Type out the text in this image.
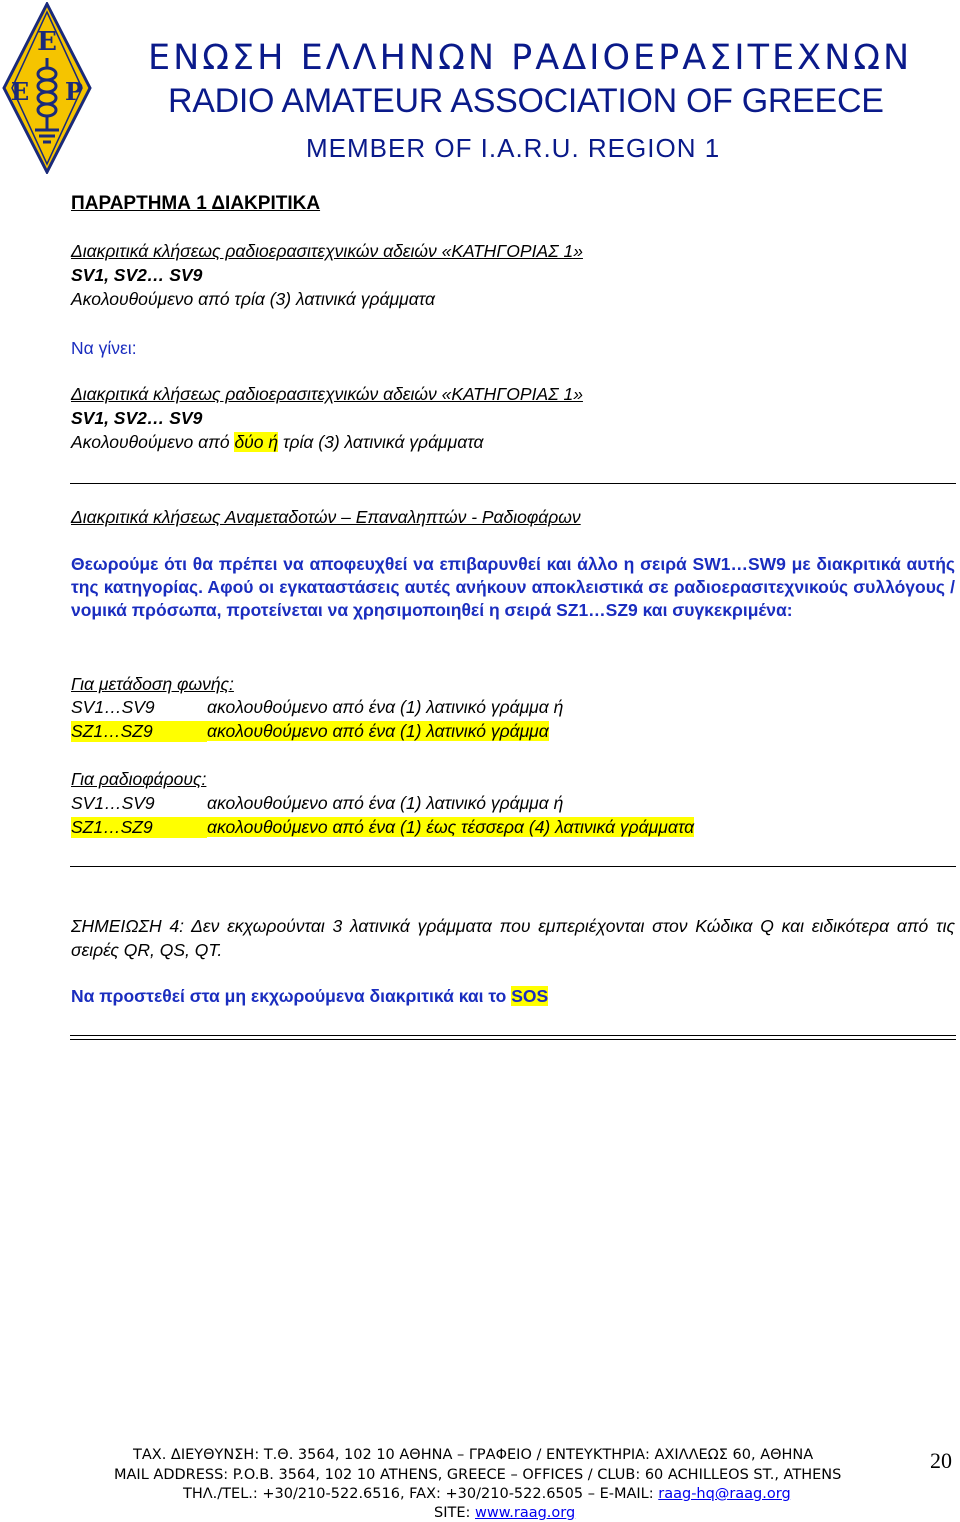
Ε
Ε Ρ
ΕΝΩΣΗ ΕΛΛΗΝΩΝ ΡΑΔΙΟΕΡΑΣΙΤΕΧΝΩΝ
RADIO AMATEUR ASSOCIATION OF GREECE
MEMBER OF I.A.R.U. REGION 1
ΠΑΡΑΡΤΗΜΑ 1 ΔΙΑΚΡΙΤΙΚΑ
Διακριτικά κλήσεως ραδιοερασιτεχνικών αδειών «ΚΑΤΗΓΟΡΙΑΣ 1»
SV1, SV2… SV9
Ακολουθούμενο από τρία (3) λατινικά γράμματα
Να γίνει:
Διακριτικά κλήσεως ραδιοερασιτεχνικών αδειών «ΚΑΤΗΓΟΡΙΑΣ 1»
SV1, SV2… SV9
Ακολουθούμενο από δύο ή τρία (3) λατινικά γράμματα
Διακριτικά κλήσεως Αναμεταδοτών – Επαναληπτών - Ραδιοφάρων
Θεωρούμε ότι θα πρέπει να αποφευχθεί να επιβαρυνθεί και άλλο η σειρά SW1…SW9 με διακριτικά αυτής της κατηγορίας. Αφού οι εγκαταστάσεις αυτές ανήκουν αποκλειστικά σε ραδιοερασιτεχνικούς συλλόγους / νομικά πρόσωπα, προτείνεται να χρησιμοποιηθεί η σειρά SZ1…SZ9 και συγκεκριμένα:
Για μετάδοση φωνής:
SV1…SV9	ακολουθούμενο από ένα (1) λατινικό γράμμα ή
SZ1…SZ9	ακολουθούμενο από ένα (1) λατινικό γράμμα
Για ραδιοφάρους:
SV1…SV9	ακολουθούμενο από ένα (1) λατινικό γράμμα ή
SZ1…SZ9	ακολουθούμενο από ένα (1) έως τέσσερα (4) λατινικά γράμματα
ΣΗΜΕΙΩΣΗ 4: Δεν εκχωρούνται 3 λατινικά γράμματα που εμπεριέχονται στον Κώδικα Q και ειδικότερα από τις σειρές QR, QS, QT.
Να προστεθεί στα μη εκχωρούμενα διακριτικά και το SOS
ΤΑΧ. ΔΙΕΥΘΥΝΣΗ: Τ.Θ. 3564, 102 10 ΑΘΗΝΑ – ΓΡΑΦΕΙΟ / ΕΝΤΕΥΚΤΗΡΙΑ: ΑΧΙΛΛΕΩΣ 60, ΑΘΗΝΑ
MAIL ADDRESS: P.O.B. 3564, 102 10 ATHENS, GREECE – OFFICES / CLUB: 60 ACHILLEOS ST., ATHENS
ΤΗΛ./TEL.: +30/210-522.6516, FAX: +30/210-522.6505 – E-MAIL: raag-hq@raag.org
SITE: www.raag.org
20
